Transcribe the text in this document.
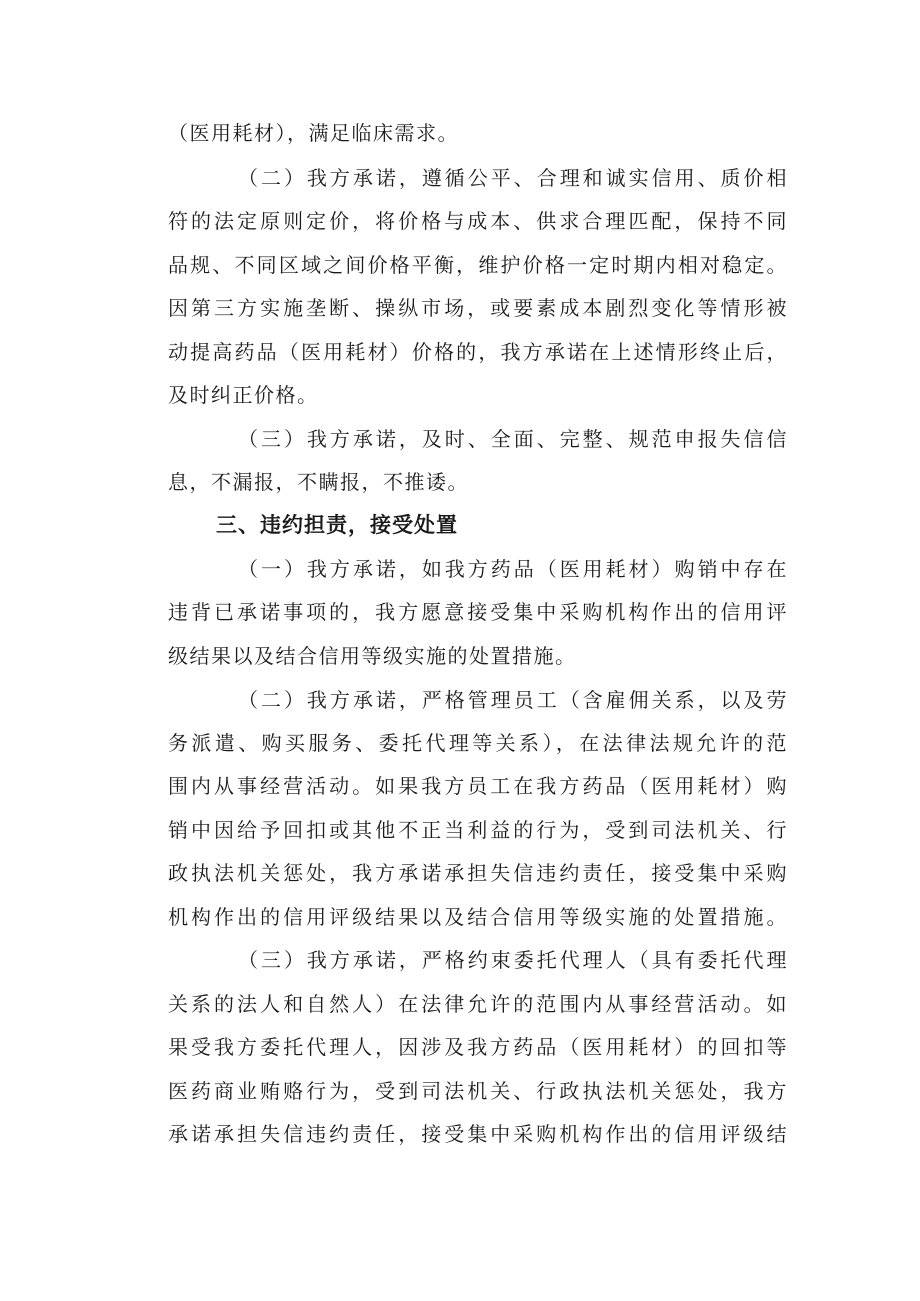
（医用耗材），满足临床需求。
（二）我方承诺，遵循公平、合理和诚实信用、质价相
符的法定原则定价，将价格与成本、供求合理匹配，保持不同
品规、不同区域之间价格平衡，维护价格一定时期内相对稳定。
因第三方实施垄断、操纵市场，或要素成本剧烈变化等情形被
动提高药品（医用耗材）价格的，我方承诺在上述情形终止后，
及时纠正价格。
（三）我方承诺，及时、全面、完整、规范申报失信信
息，不漏报，不瞒报，不推诿。
三、违约担责，接受处置
（一）我方承诺，如我方药品（医用耗材）购销中存在
违背已承诺事项的，我方愿意接受集中采购机构作出的信用评
级结果以及结合信用等级实施的处置措施。
（二）我方承诺，严格管理员工（含雇佣关系，以及劳
务派遣、购买服务、委托代理等关系），在法律法规允许的范
围内从事经营活动。如果我方员工在我方药品（医用耗材）购
销中因给予回扣或其他不正当利益的行为，受到司法机关、行
政执法机关惩处，我方承诺承担失信违约责任，接受集中采购
机构作出的信用评级结果以及结合信用等级实施的处置措施。
（三）我方承诺，严格约束委托代理人（具有委托代理
关系的法人和自然人）在法律允许的范围内从事经营活动。如
果受我方委托代理人，因涉及我方药品（医用耗材）的回扣等
医药商业贿赂行为，受到司法机关、行政执法机关惩处，我方
承诺承担失信违约责任，接受集中采购机构作出的信用评级结
